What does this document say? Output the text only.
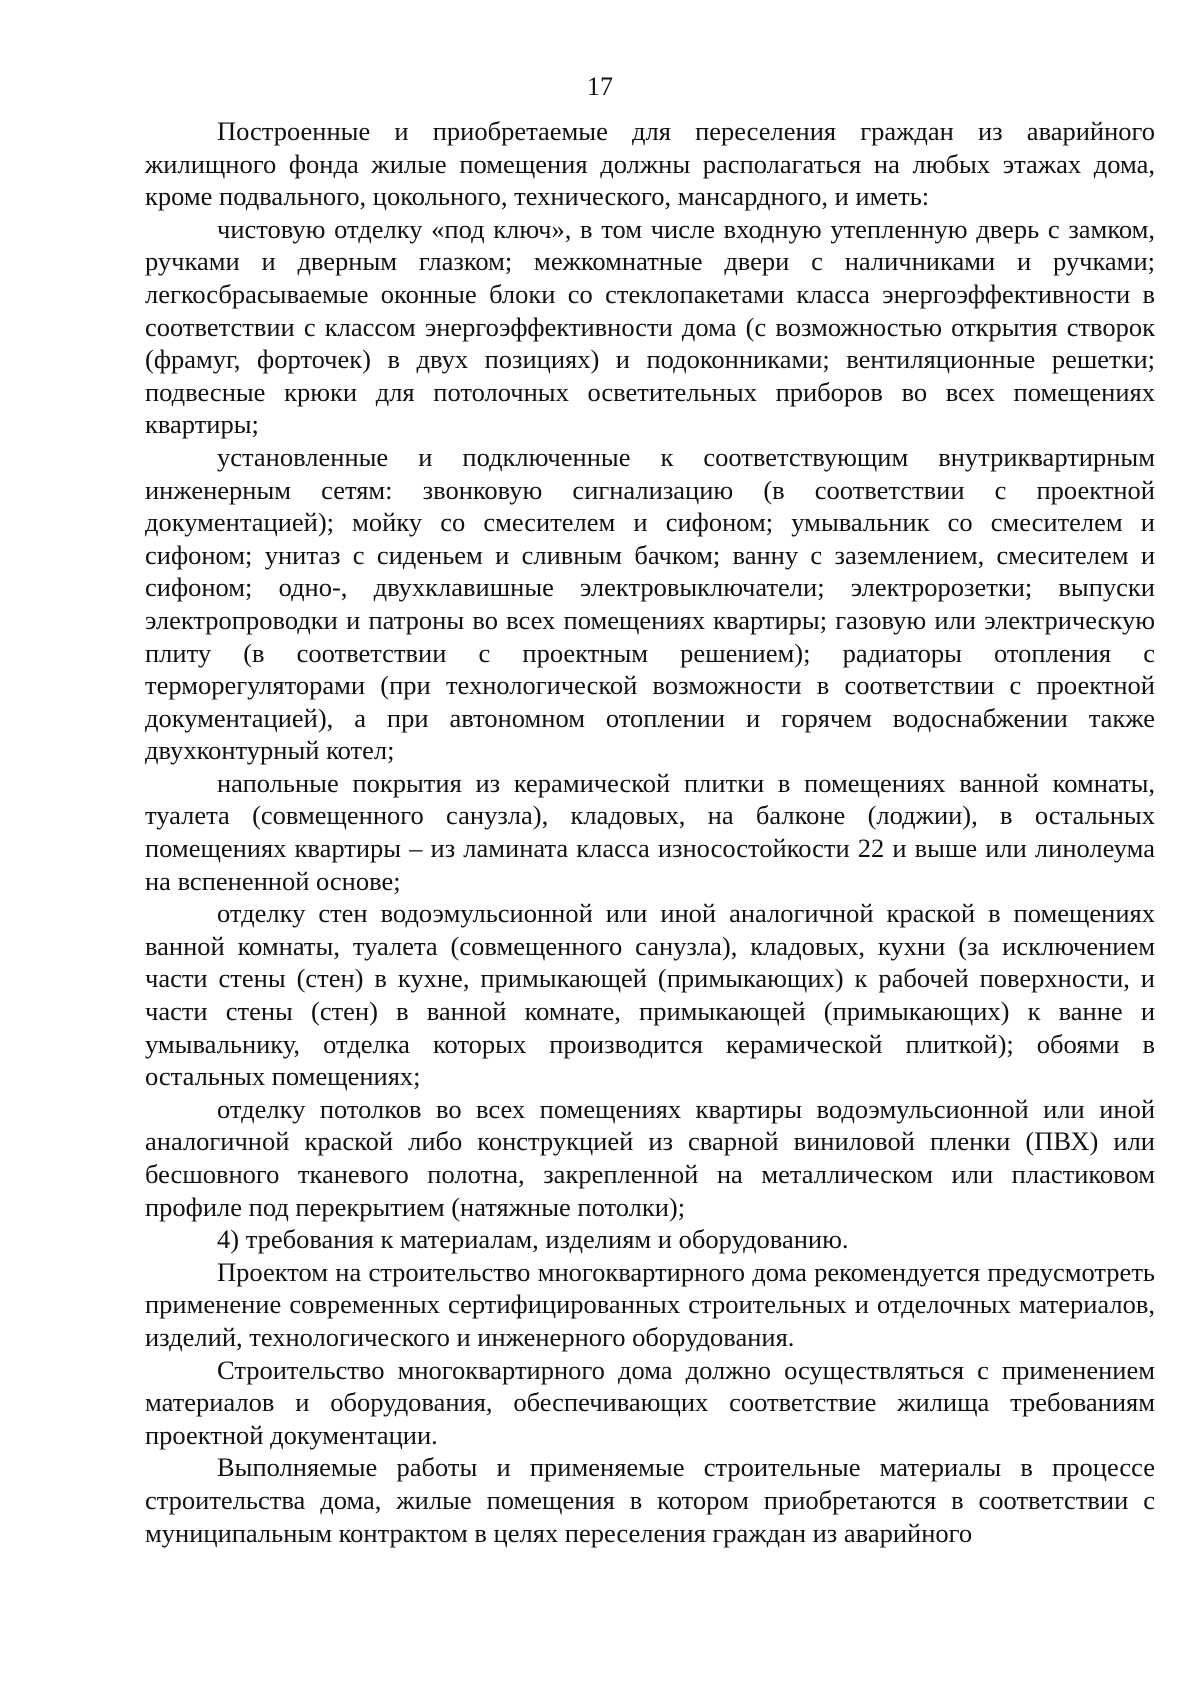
17

Построенные и приобретаемые для переселения граждан из аварийного жилищного фонда жилые помещения должны располагаться на любых этажах дома, кроме подвального, цокольного, технического, мансардного, и иметь:

чистовую отделку «под ключ», в том числе входную утепленную дверь с замком, ручками и дверным глазком; межкомнатные двери с наличниками и ручками; легкосбрасываемые оконные блоки со стеклопакетами класса энергоэффективности в соответствии с классом энергоэффективности дома (с возможностью открытия створок (фрамуг, форточек) в двух позициях) и подоконниками; вентиляционные решетки; подвесные крюки для потолочных осветительных приборов во всех помещениях квартиры;

установленные и подключенные к соответствующим внутриквартирным инженерным сетям: звонковую сигнализацию (в соответствии с проектной документацией); мойку со смесителем и сифоном; умывальник со смесителем и сифоном; унитаз с сиденьем и сливным бачком; ванну с заземлением, смесителем и сифоном; одно-, двухклавишные электровыключатели; электророзетки; выпуски электропроводки и патроны во всех помещениях квартиры; газовую или электрическую плиту (в соответствии с проектным решением); радиаторы отопления с терморегуляторами (при технологической возможности в соответствии с проектной документацией), а при автономном отоплении и горячем водоснабжении также двухконтурный котел;

напольные покрытия из керамической плитки в помещениях ванной комнаты, туалета (совмещенного санузла), кладовых, на балконе (лоджии), в остальных помещениях квартиры – из ламината класса износостойкости 22 и выше или линолеума на вспененной основе;

отделку стен водоэмульсионной или иной аналогичной краской в помещениях ванной комнаты, туалета (совмещенного санузла), кладовых, кухни (за исключением части стены (стен) в кухне, примыкающей (примыкающих) к рабочей поверхности, и части стены (стен) в ванной комнате, примыкающей (примыкающих) к ванне и умывальнику, отделка которых производится керамической плиткой); обоями в остальных помещениях;

отделку потолков во всех помещениях квартиры водоэмульсионной или иной аналогичной краской либо конструкцией из сварной виниловой пленки (ПВХ) или бесшовного тканевого полотна, закрепленной на металлическом или пластиковом профиле под перекрытием (натяжные потолки);

4) требования к материалам, изделиям и оборудованию.

Проектом на строительство многоквартирного дома рекомендуется предусмотреть применение современных сертифицированных строительных и отделочных материалов, изделий, технологического и инженерного оборудования.

Строительство многоквартирного дома должно осуществляться с применением материалов и оборудования, обеспечивающих соответствие жилища требованиям проектной документации.

Выполняемые работы и применяемые строительные материалы в процессе строительства дома, жилые помещения в котором приобретаются в соответствии с муниципальным контрактом в целях переселения граждан из аварийного
